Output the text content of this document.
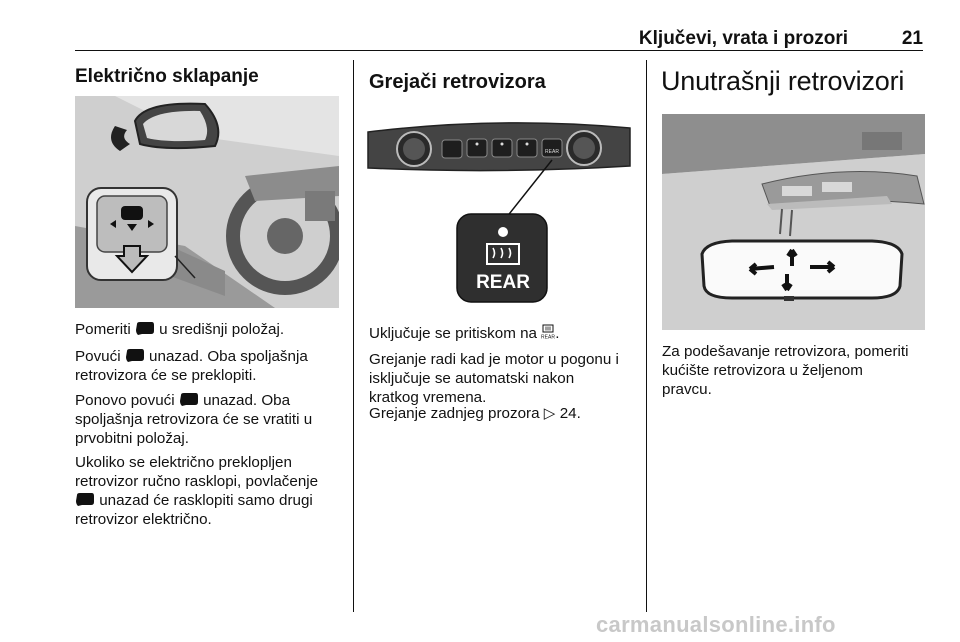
Ključevi, vrata i prozori	21
Električno sklapanje

Pomeriti  u središnji položaj.

Povući  unazad. Oba spoljašnja
retrovizora će se preklopiti.

Ponovo povući  unazad. Oba
spoljašnja retrovizora će se vratiti u
prvobitni položaj.

Ukoliko se električno preklopljen
retrovizor ručno rasklopi, povlačenje
unazad će rasklopiti samo drugi
retrovizor električno.

Grejači retrovizora
REAR
REAR

Uključuje se pritiskom na REAR .

Grejanje radi kad je motor u pogonu i
isključuje se automatski nakon
kratkog vremena.

Grejanje zadnjeg prozora ▷ 24.

Unutrašnji retrovizori

Za podešavanje retrovizora, pomeriti
kućište retrovizora u željenom
pravcu.

carmanualsonline.info
